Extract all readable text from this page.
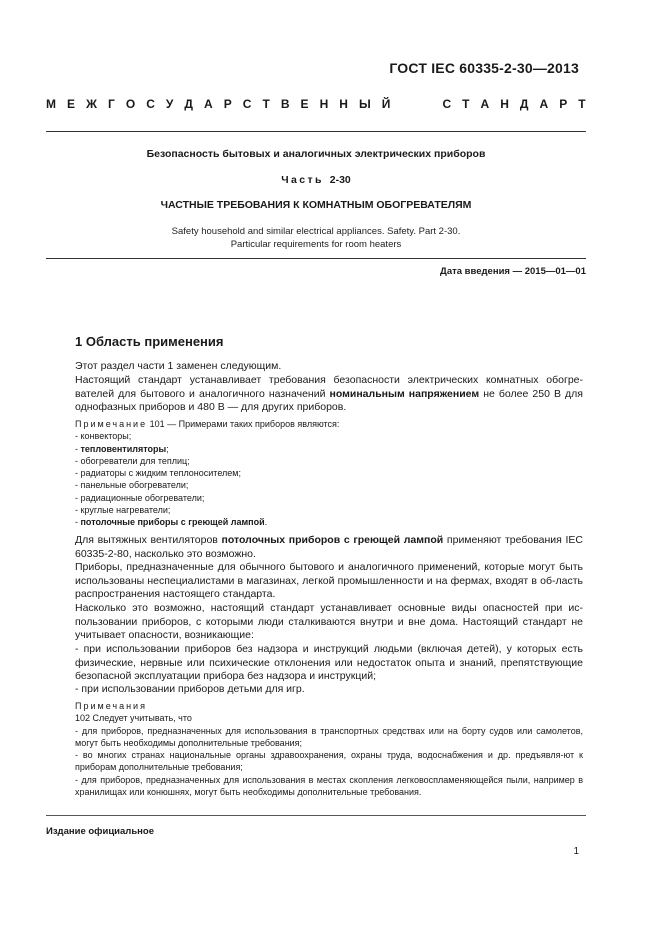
ГОСТ IEC 60335-2-30—2013
М Е Ж Г О С У Д А Р С Т В Е Н Н Ы Й	С Т А Н Д А Р Т
Безопасность бытовых и аналогичных электрических приборов
Часть 2-30
ЧАСТНЫЕ ТРЕБОВАНИЯ К КОМНАТНЫМ ОБОГРЕВАТЕЛЯМ
Safety household and similar electrical appliances. Safety. Part 2-30.
Particular requirements for room heaters
Дата введения — 2015—01—01
1 Область применения
Этот раздел части 1 заменен следующим.
Настоящий стандарт устанавливает требования безопасности электрических комнатных обогре-вателей для бытового и аналогичного назначений номинальным напряжением не более 250 В для однофазных приборов и 480 В — для других приборов.
Примечание 101 — Примерами таких приборов являются:
- конвекторы;
- тепловентиляторы;
- обогреватели для теплиц;
- радиаторы с жидким теплоносителем;
- панельные обогреватели;
- радиационные обогреватели;
- круглые нагреватели;
- потолочные приборы с греющей лампой.
Для вытяжных вентиляторов потолочных приборов с греющей лампой применяют требования IEC 60335-2-80, насколько это возможно.
Приборы, предназначенные для обычного бытового и аналогичного применений, которые могут быть использованы неспециалистами в магазинах, легкой промышленности и на фермах, входят в об-ласть распространения настоящего стандарта.
Насколько это возможно, настоящий стандарт устанавливает основные виды опасностей при ис-пользовании приборов, с которыми люди сталкиваются внутри и вне дома. Настоящий стандарт не учитывает опасности, возникающие:
- при использовании приборов без надзора и инструкций людьми (включая детей), у которых есть физические, нервные или психические отклонения или недостаток опыта и знаний, препятствующие безопасной эксплуатации прибора без надзора и инструкций;
- при использовании приборов детьми для игр.
Примечания
102 Следует учитывать, что
- для приборов, предназначенных для использования в транспортных средствах или на борту судов или самолетов, могут быть необходимы дополнительные требования;
- во многих странах национальные органы здравоохранения, охраны труда, водоснабжения и др. предъявля-ют к приборам дополнительные требования;
- для приборов, предназначенных для использования в местах скопления легковоспламеняющейся пыли, например в хранилищах или конюшнях, могут быть необходимы дополнительные требования.
Издание официальное
1
